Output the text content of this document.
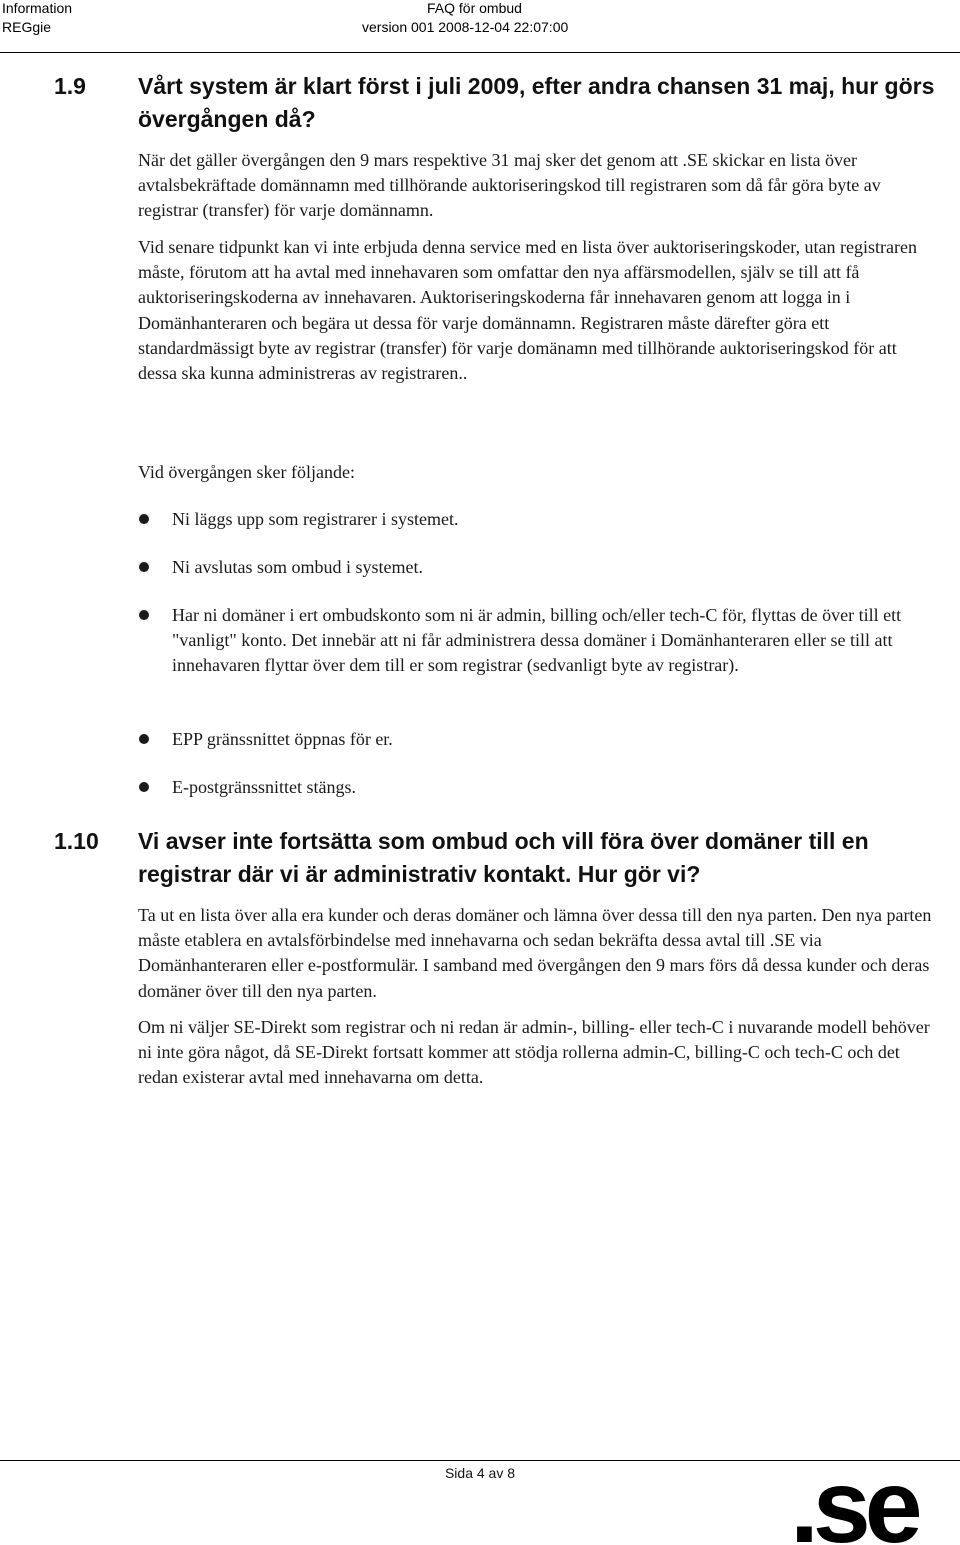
Information
REGgie
FAQ för ombud
version 001 2008-12-04 22:07:00
1.9 Vårt system är klart först i juli 2009, efter andra chansen 31 maj, hur görs övergången då?
När det gäller övergången den 9 mars respektive 31 maj sker det genom att .SE skickar en lista över avtalsbekräftade domännamn med tillhörande auktoriseringskod till registraren som då får göra byte av registrar (transfer) för varje domännamn.
Vid senare tidpunkt kan vi inte erbjuda denna service med en lista över auktoriseringskoder, utan registraren måste, förutom att ha avtal med innehavaren som omfattar den nya affärsmodellen, själv se till att få auktoriseringskoderna av innehavaren. Auktoriseringskoderna får innehavaren genom att logga in i Domänhanteraren och begära ut dessa för varje domännamn. Registraren måste därefter göra ett standardmässigt byte av registrar (transfer) för varje domänamn med tillhörande auktoriseringskod för att dessa ska kunna administreras av registraren..
Vid övergången sker följande:
Ni läggs upp som registrarer i systemet.
Ni avslutas som ombud i systemet.
Har ni domäner i ert ombudskonto som ni är admin, billing och/eller tech-C för, flyttas de över till ett "vanligt" konto. Det innebär att ni får administrera dessa domäner i Domänhanteraren eller se till att innehavaren flyttar över dem till er som registrar (sedvanligt byte av registrar).
EPP gränssnittet öppnas för er.
E-postgränssnittet stängs.
1.10 Vi avser inte fortsätta som ombud och vill föra över domäner till en registrar där vi är administrativ kontakt. Hur gör vi?
Ta ut en lista över alla era kunder och deras domäner och lämna över dessa till den nya parten. Den nya parten måste etablera en avtalsförbindelse med innehavarna och sedan bekräfta dessa avtal till .SE via Domänhanteraren eller e-postformulär. I samband med övergången den 9 mars förs då dessa kunder och deras domäner över till den nya parten.
Om ni väljer SE-Direkt som registrar och ni redan är admin-, billing- eller tech-C i nuvarande modell behöver ni inte göra något, då SE-Direkt fortsatt kommer att stödja rollerna admin-C, billing-C och tech-C och det redan existerar avtal med innehavarna om detta.
Sida 4 av 8	.se
